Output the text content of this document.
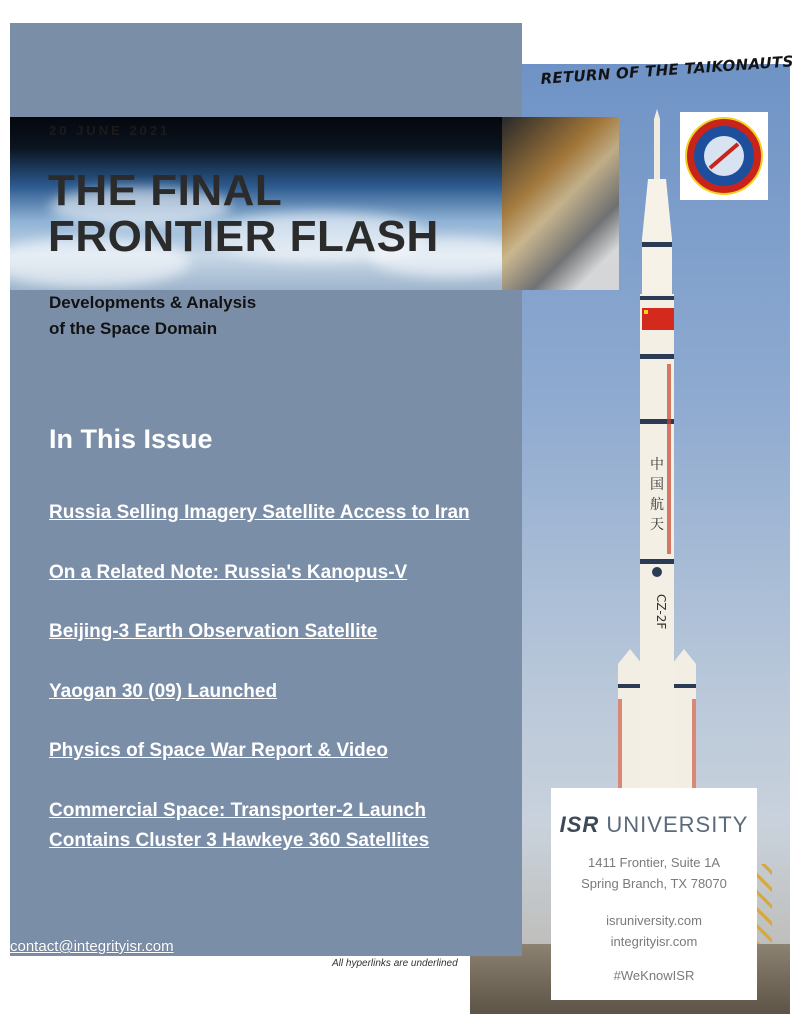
中
国
航
天
CZ-2F
20 JUNE 2021
THE FINAL
FRONTIER FLASH
Developments & Analysis
of the Space Domain
In This Issue
Russia Selling Imagery Satellite Access to Iran
On a Related Note: Russia's Kanopus-V
Beijing-3 Earth Observation Satellite
Yaogan 30 (09) Launched
Physics of Space War Report & Video
Commercial Space: Transporter-2 Launch
Contains Cluster 3 Hawkeye 360 Satellites
contact@integrityisr.com
All hyperlinks are underlined
RETURN OF THE TAIKONAUTS
ISR UNIVERSITY
1411 Frontier, Suite 1A
Spring Branch, TX 78070
isruniversity.com
integrityisr.com
#WeKnowISR
